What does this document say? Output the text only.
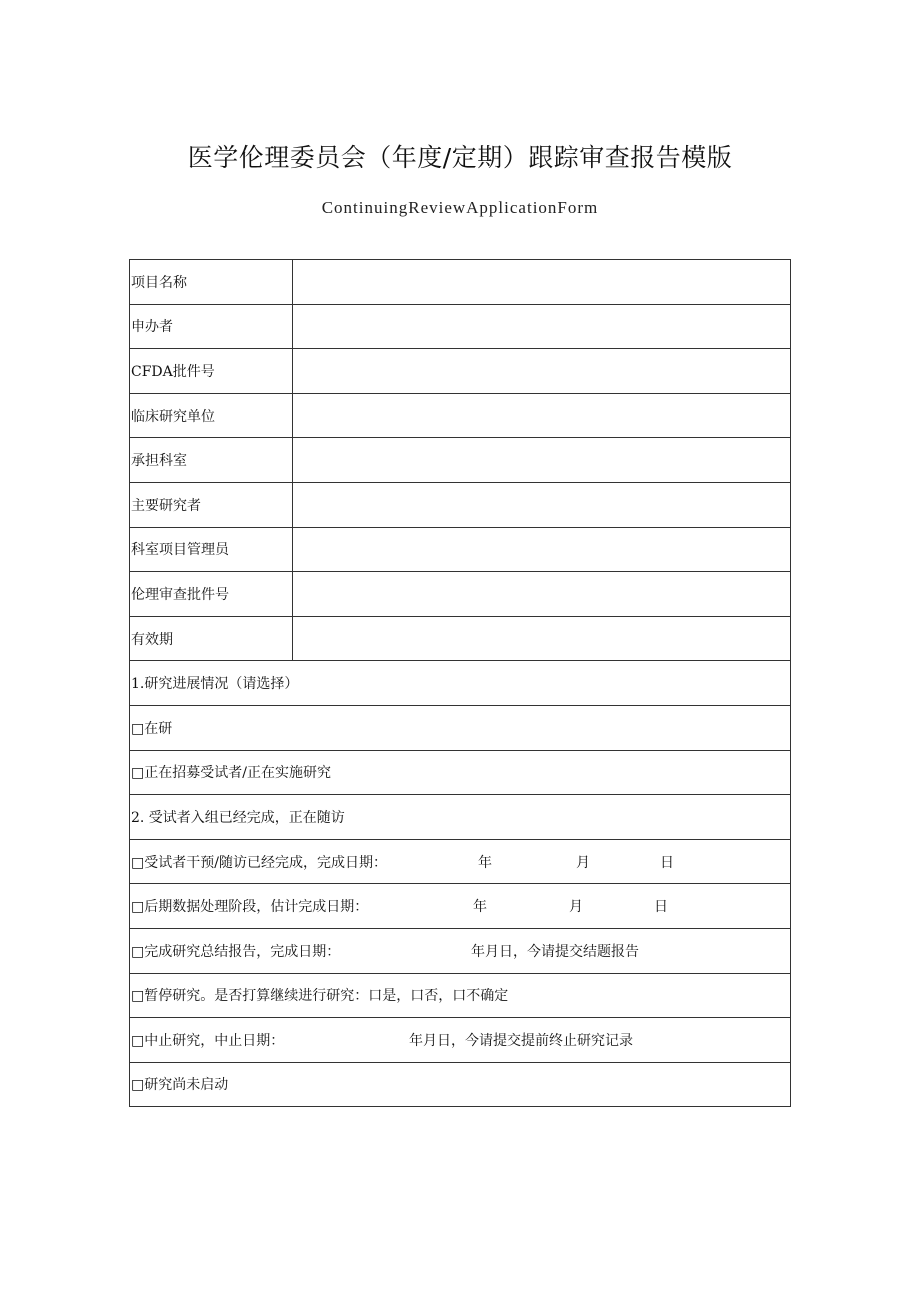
医学伦理委员会（年度/定期）跟踪审查报告模版
ContinuingReviewApplicationForm
项目名称	
申办者	
CFDA批件号	
临床研究单位	
承担科室	
主要研究者	
科室项目管理员	
伦理审查批件号	
有效期	
1.研究进展情况（请选择）	
□在研	
□正在招募受试者/正在实施研究	
2. 受试者入组已经完成，正在随访	
□受试者干预/随访已经完成，完成日期： 年 月 日	
□后期数据处理阶段，估计完成日期： 年 月 日	
□完成研究总结报告，完成日期： 年月日，今请提交结题报告	
□暂停研究。是否打算继续进行研究：口是，口否，口不确定	
□中止研究，中止日期： 年月日，今请提交提前终止研究记录	
□研究尚未启动	
